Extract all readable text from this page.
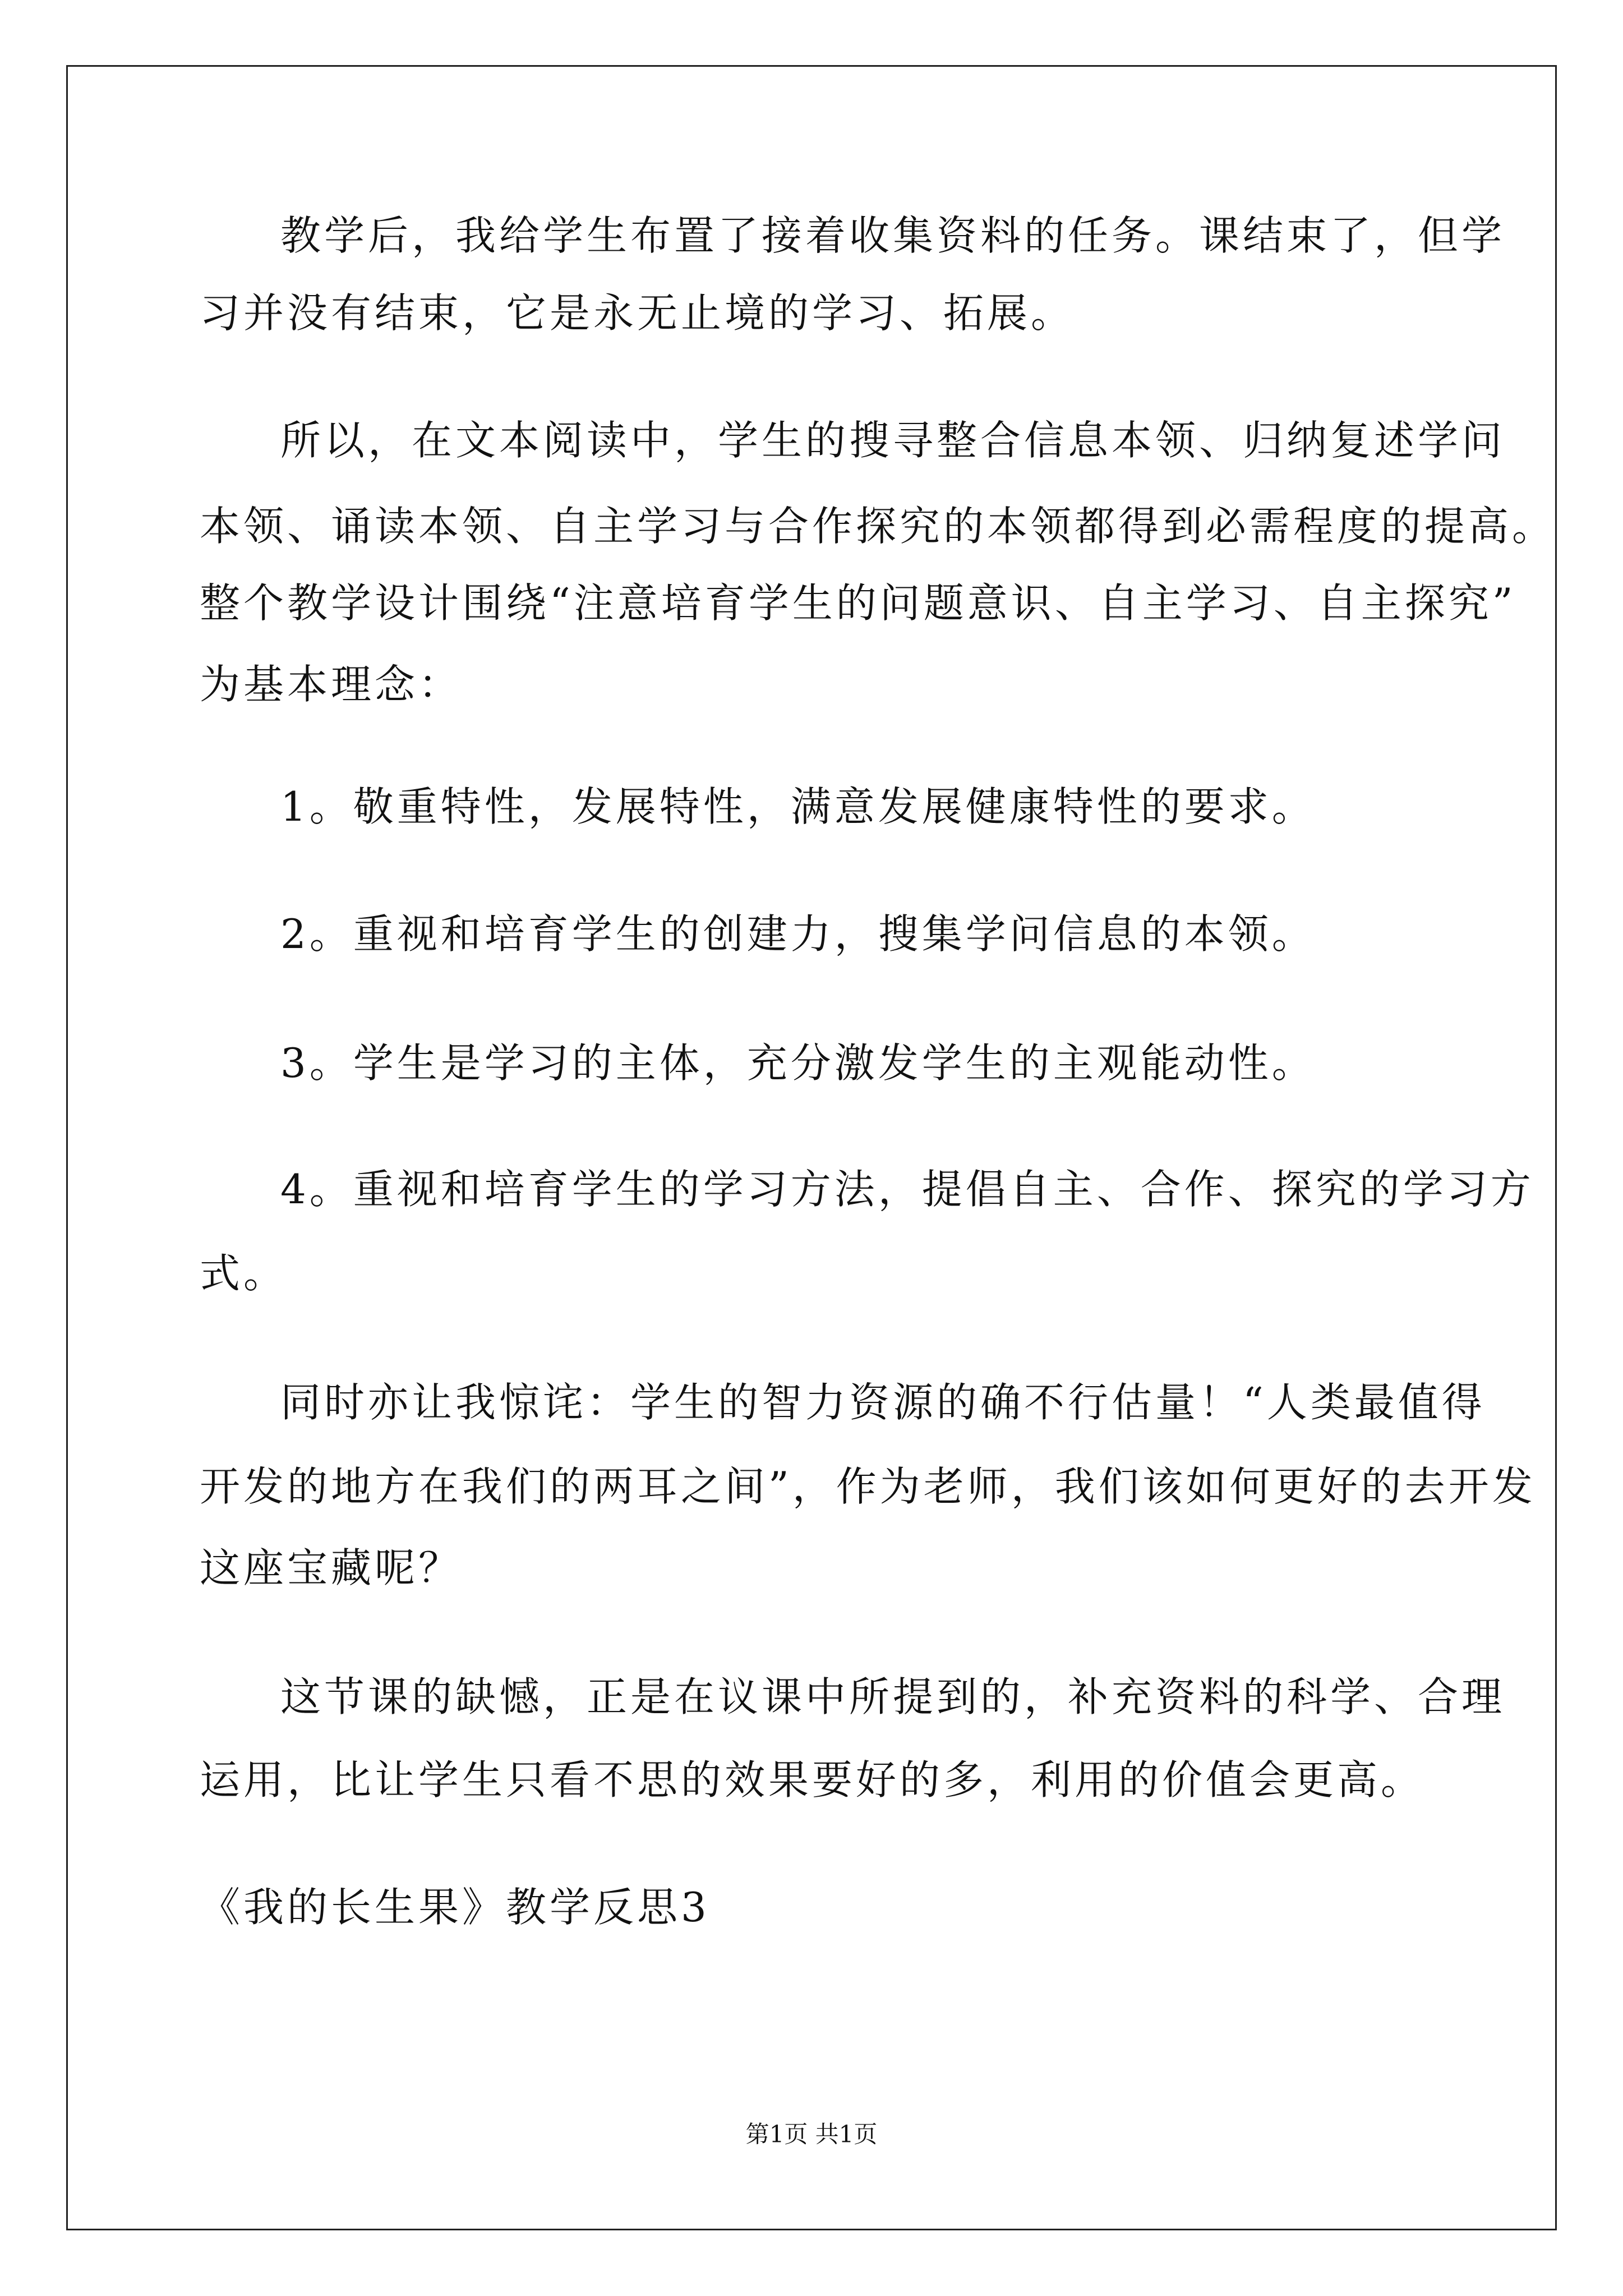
教学后，我给学生布置了接着收集资料的任务。课结束了，但学
习并没有结束，它是永无止境的学习、拓展。
所以，在文本阅读中，学生的搜寻整合信息本领、归纳复述学问
本领、诵读本领、自主学习与合作探究的本领都得到必需程度的提高。
整个教学设计围绕“注意培育学生的问题意识、自主学习、自主探究”
为基本理念：
1。敬重特性，发展特性，满意发展健康特性的要求。
2。重视和培育学生的创建力，搜集学问信息的本领。
3。学生是学习的主体，充分激发学生的主观能动性。
4。重视和培育学生的学习方法，提倡自主、合作、探究的学习方
式。
同时亦让我惊诧：学生的智力资源的确不行估量！“人类最值得
开发的地方在我们的两耳之间”，作为老师，我们该如何更好的去开发
这座宝藏呢？
这节课的缺憾，正是在议课中所提到的，补充资料的科学、合理
运用，比让学生只看不思的效果要好的多，利用的价值会更高。
《我的长生果》教学反思3
第1页 共1页
